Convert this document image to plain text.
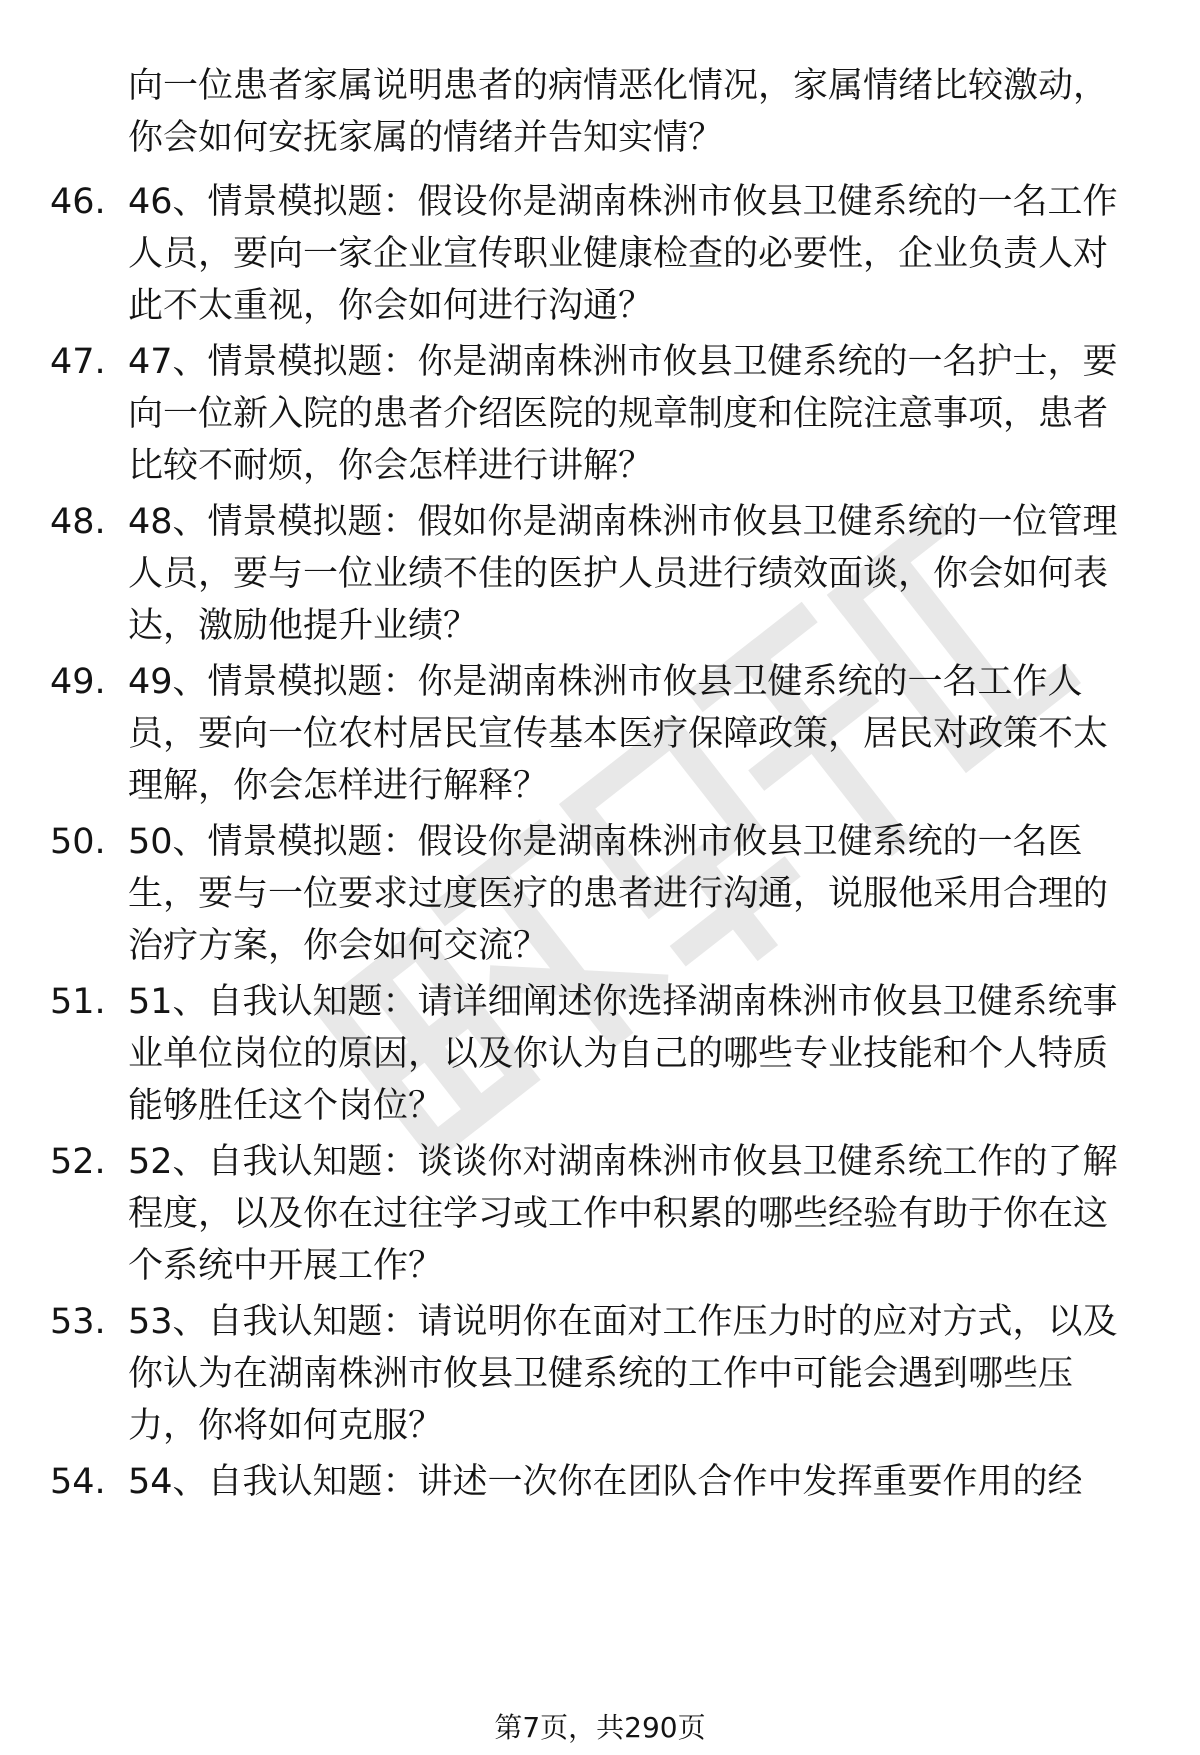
向一位患者家属说明患者的病情恶化情况，家属情绪比较激动，你会如何安抚家属的情绪并告知实情？
46. 46、情景模拟题：假设你是湖南株洲市攸县卫健系统的一名工作人员，要向一家企业宣传职业健康检查的必要性，企业负责人对此不太重视，你会如何进行沟通？
47. 47、情景模拟题：你是湖南株洲市攸县卫健系统的一名护士，要向一位新入院的患者介绍医院的规章制度和住院注意事项，患者比较不耐烦，你会怎样进行讲解？
48. 48、情景模拟题：假如你是湖南株洲市攸县卫健系统的一位管理人员，要与一位业绩不佳的医护人员进行绩效面谈，你会如何表达，激励他提升业绩？
49. 49、情景模拟题：你是湖南株洲市攸县卫健系统的一名工作人员，要向一位农村居民宣传基本医疗保障政策，居民对政策不太理解，你会怎样进行解释？
50. 50、情景模拟题：假设你是湖南株洲市攸县卫健系统的一名医生，要与一位要求过度医疗的患者进行沟通，说服他采用合理的治疗方案，你会如何交流？
51. 51、自我认知题：请详细阐述你选择湖南株洲市攸县卫健系统事业单位岗位的原因，以及你认为自己的哪些专业技能和个人特质能够胜任这个岗位？
52. 52、自我认知题：谈谈你对湖南株洲市攸县卫健系统工作的了解程度，以及你在过往学习或工作中积累的哪些经验有助于你在这个系统中开展工作？
53. 53、自我认知题：请说明你在面对工作压力时的应对方式，以及你认为在湖南株洲市攸县卫健系统的工作中可能会遇到哪些压力，你将如何克服？
54. 54、自我认知题：讲述一次你在团队合作中发挥重要作用的经
第7页，共290页
